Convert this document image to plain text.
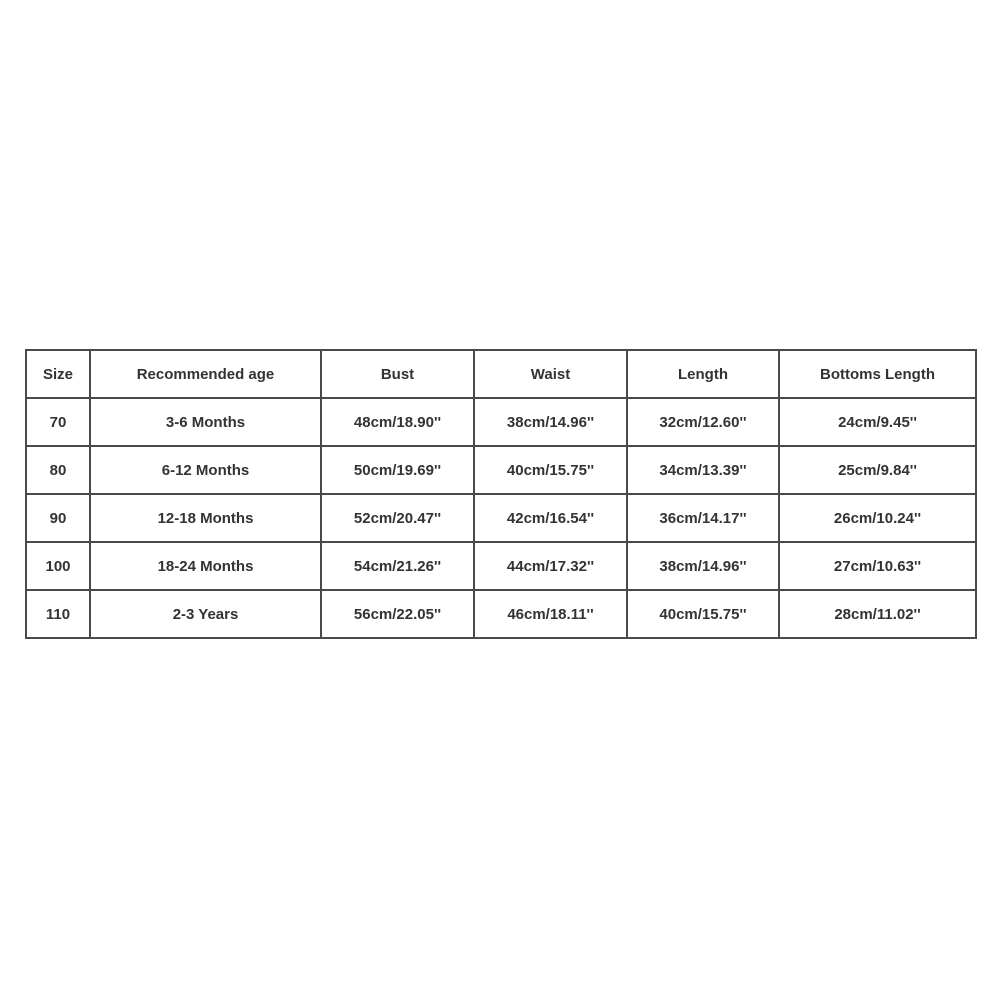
Size	Recommended age	Bust	Waist	Length	Bottoms Length
70	3-6 Months	48cm/18.90''	38cm/14.96''	32cm/12.60''	24cm/9.45''
80	6-12 Months	50cm/19.69''	40cm/15.75''	34cm/13.39''	25cm/9.84''
90	12-18 Months	52cm/20.47''	42cm/16.54''	36cm/14.17''	26cm/10.24''
100	18-24 Months	54cm/21.26''	44cm/17.32''	38cm/14.96''	27cm/10.63''
110	2-3 Years	56cm/22.05''	46cm/18.11''	40cm/15.75''	28cm/11.02''
